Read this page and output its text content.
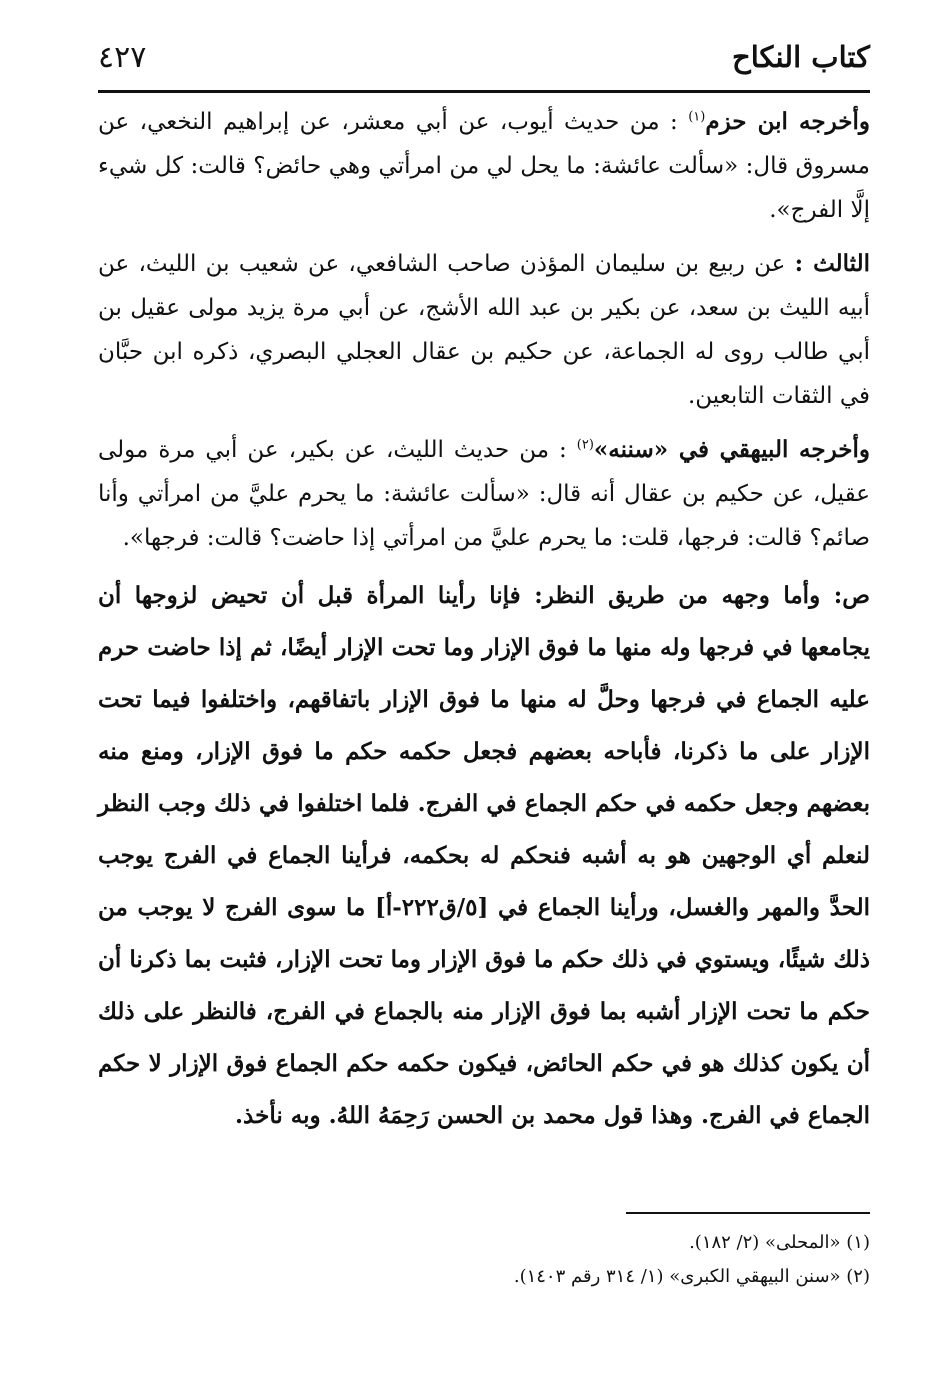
كتاب النكاح
٤٢٧

وأخرجه ابن حزم$^{(١)}$ : من حديث أيوب، عن أبي معشر، عن إبراهيم النخعي، عن مسروق قال: «سألت عائشة: ما يحل لي من امرأتي وهي حائض؟ قالت: كل شيء إلَّا الفرج».

الثالث : عن ربيع بن سليمان المؤذن صاحب الشافعي، عن شعيب بن الليث، عن أبيه الليث بن سعد، عن بكير بن عبد الله الأشج، عن أبي مرة يزيد مولى عقيل بن أبي طالب روى له الجماعة، عن حكيم بن عقال العجلي البصري، ذكره ابن حبَّان في الثقات التابعين.

وأخرجه البيهقي في «سننه»$^{(٢)}$ : من حديث الليث، عن بكير، عن أبي مرة مولى عقيل، عن حكيم بن عقال أنه قال: «سألت عائشة: ما يحرم عليَّ من امرأتي وأنا صائم؟ قالت: فرجها، قلت: ما يحرم عليَّ من امرأتي إذا حاضت؟ قالت: فرجها».

ص: وأما وجهه من طريق النظر: فإنا رأينا المرأة قبل أن تحيض لزوجها أن يجامعها في فرجها وله منها ما فوق الإزار وما تحت الإزار أيضًا، ثم إذا حاضت حرم عليه الجماع في فرجها وحلَّ له منها ما فوق الإزار باتفاقهم، واختلفوا فيما تحت الإزار على ما ذكرنا، فأباحه بعضهم فجعل حكمه حكم ما فوق الإزار، ومنع منه بعضهم وجعل حكمه في حكم الجماع في الفرج. فلما اختلفوا في ذلك وجب النظر لنعلم أي الوجهين هو به أشبه فنحكم له بحكمه، فرأينا الجماع في الفرج يوجب الحدَّ والمهر والغسل، ورأينا الجماع في [٥/ق٢٢٢-أ] ما سوى الفرج لا يوجب من ذلك شيئًا، ويستوي في ذلك حكم ما فوق الإزار وما تحت الإزار، فثبت بما ذكرنا أن حكم ما تحت الإزار أشبه بما فوق الإزار منه بالجماع في الفرج، فالنظر على ذلك أن يكون كذلك هو في حكم الحائض، فيكون حكمه حكم الجماع فوق الإزار لا حكم الجماع في الفرج. وهذا قول محمد بن الحسن رَحِمَهُ اللهُ. وبه نأخذ.

(١) «المحلى» (٢/ ١٨٢).

(٢) «سنن البيهقي الكبرى» (١/ ٣١٤ رقم ١٤٠٣).
